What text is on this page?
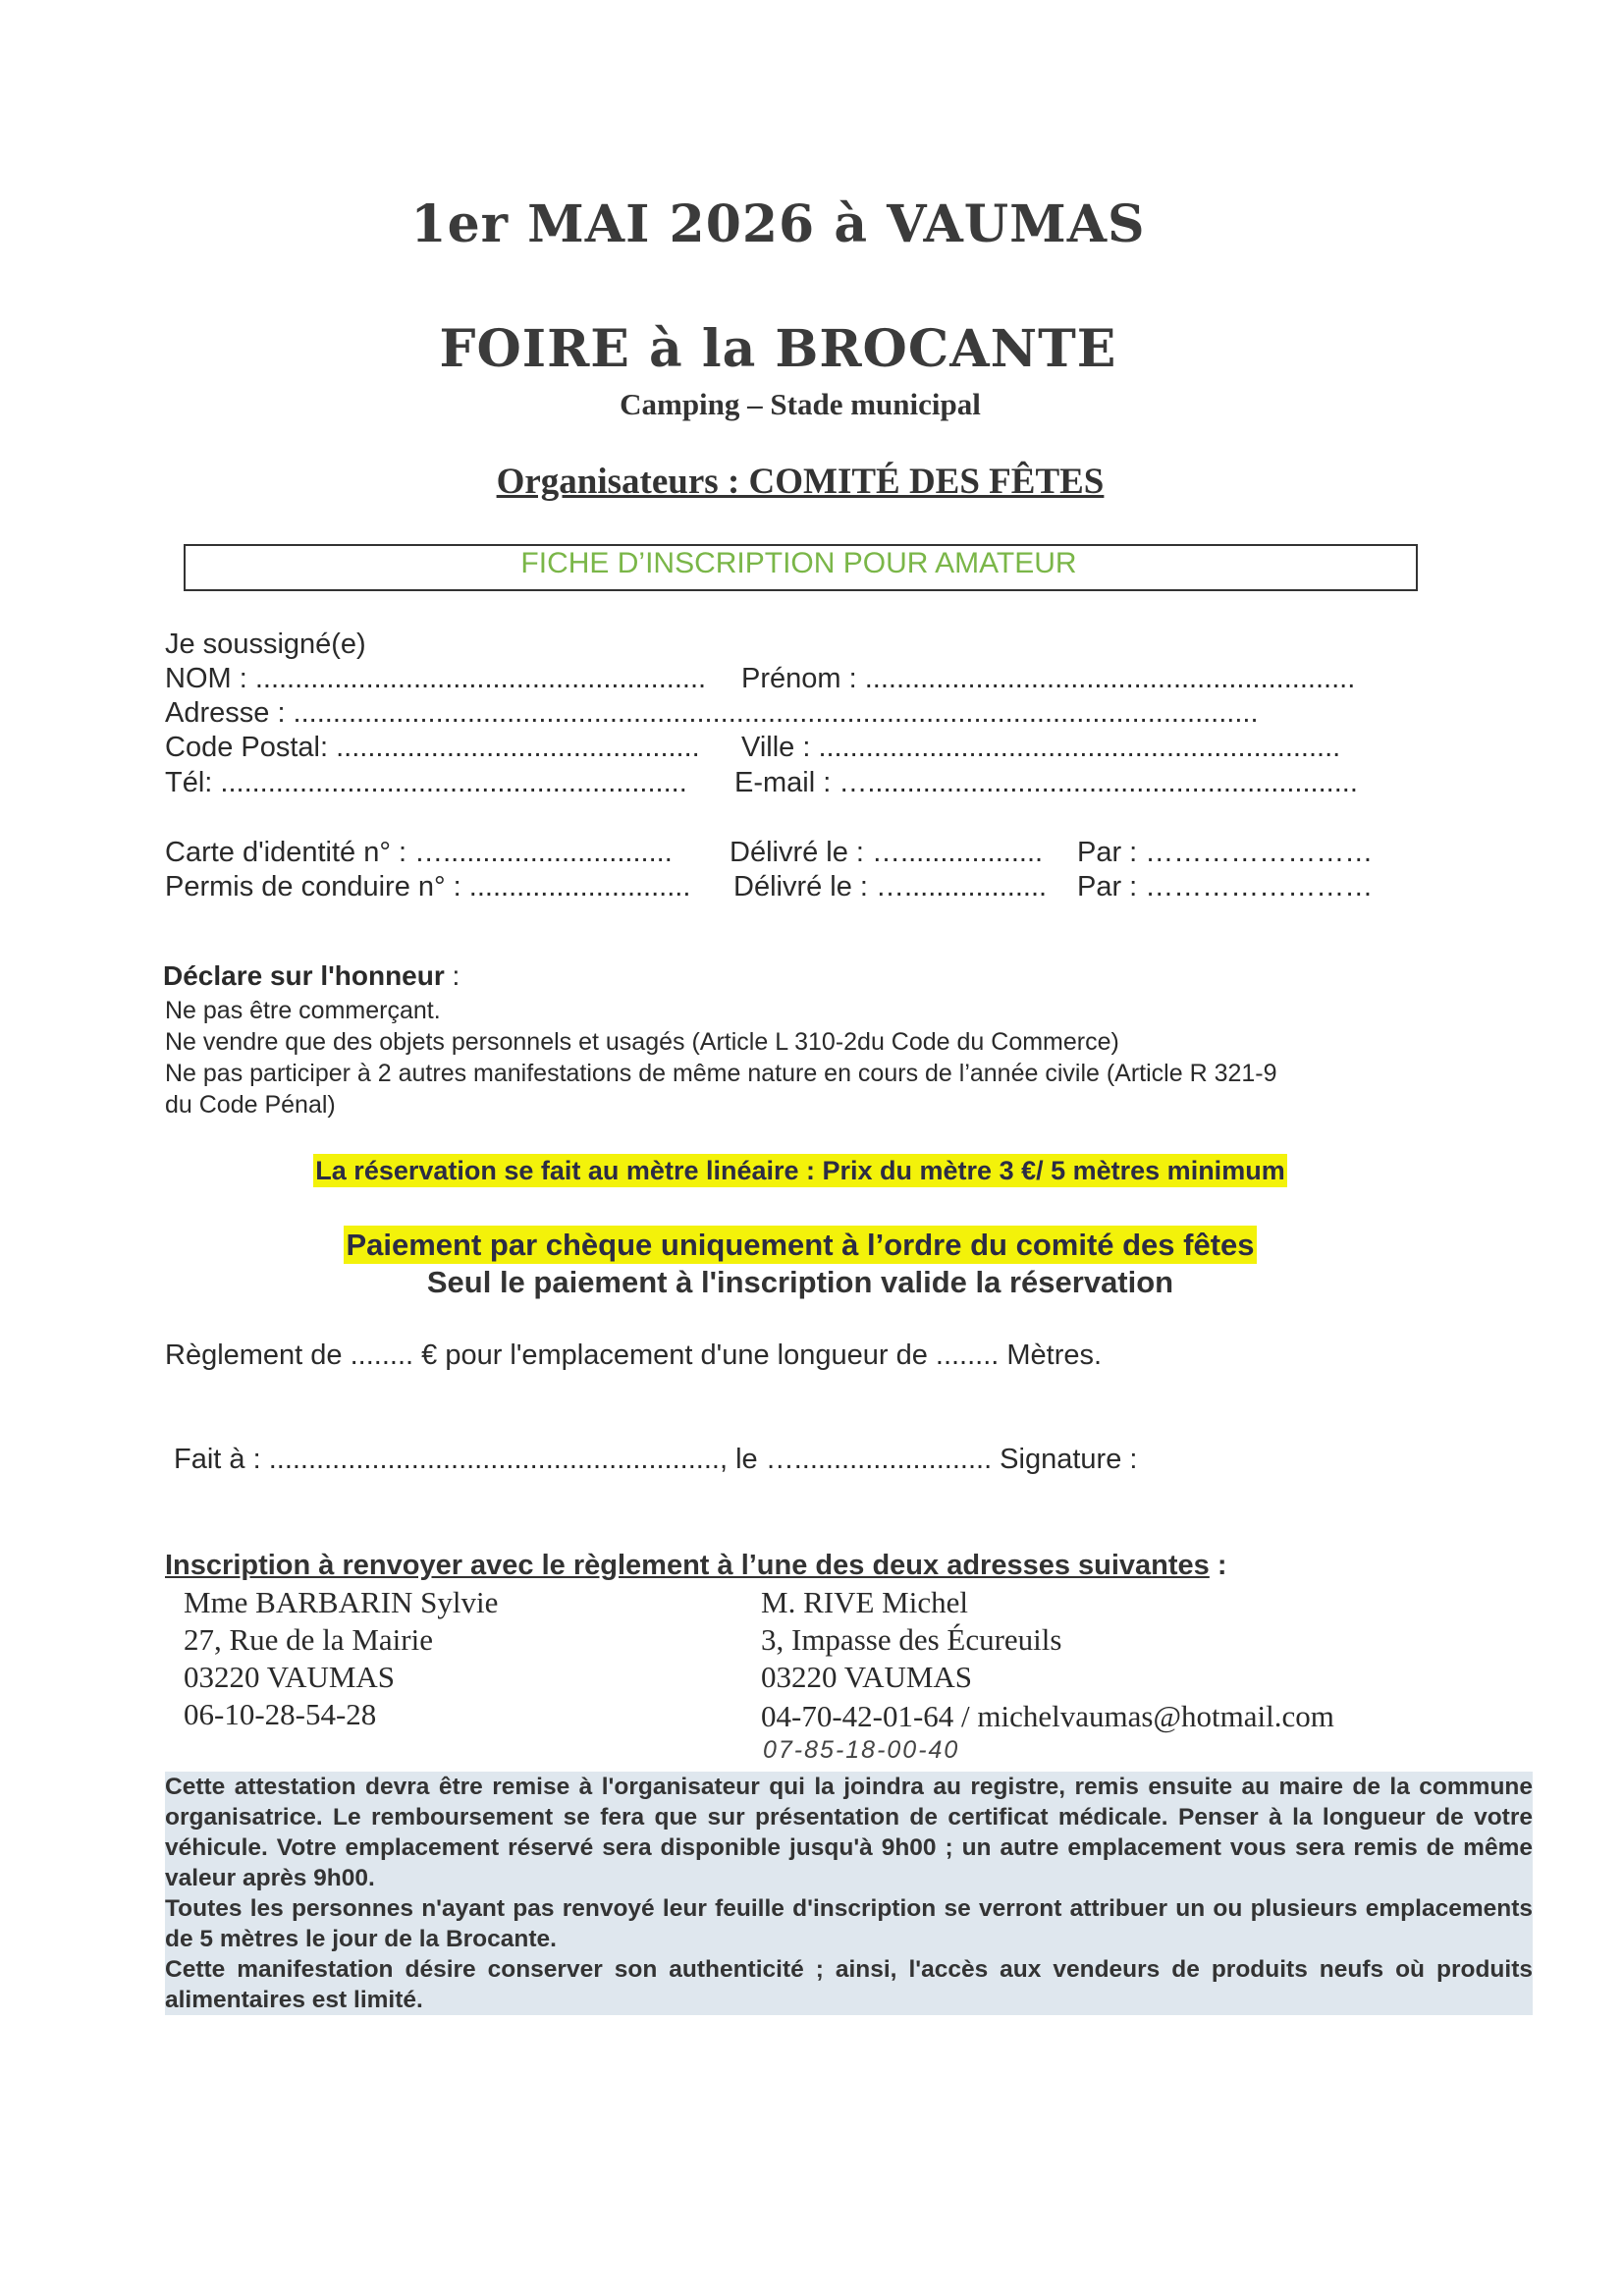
1er MAI 2026 à VAUMAS
FOIRE à la BROCANTE
Camping – Stade municipal
Organisateurs : COMITÉ DES FÊTES
FICHE D’INSCRIPTION POUR AMATEUR
Je soussigné(e)
NOM : ......................................................... Prénom : ..............................................................
Adresse : ..........................................................................................................................
Code Postal: .............................................. Ville : ..................................................................
Tél: ........................................................... E-mail : …..............................................................
Carte d'identité n° : …............................. Délivré le : ….................. Par : ……………………
Permis de conduire n° : ............................ Délivré le : ….................. Par : ……………………
Déclare sur l'honneur :
Ne pas être commerçant.
Ne vendre que des objets personnels et usagés (Article L 310-2du Code du Commerce)
Ne pas participer à 2 autres manifestations de même nature en cours de l’année civile (Article R 321-9
du Code Pénal)
La réservation se fait au mètre linéaire : Prix du mètre 3 €/ 5 mètres minimum
Paiement par chèque uniquement à l’ordre du comité des fêtes
Seul le paiement à l'inscription valide la réservation
Règlement de ........ € pour l'emplacement d'une longueur de ........ Mètres.
Fait à : ........................................................., le …......................... Signature :
Inscription à renvoyer avec le règlement à l’une des deux adresses suivantes :
Mme BARBARIN Sylvie
27, Rue de la Mairie
03220 VAUMAS
06-10-28-54-28
M. RIVE Michel
3, Impasse des Écureuils
03220 VAUMAS
04-70-42-01-64 / michelvaumas@hotmail.com
07-85-18-00-40
Cette attestation devra être remise à l'organisateur qui la joindra au registre, remis ensuite au maire de la commune organisatrice. Le remboursement se fera que sur présentation de certificat médicale. Penser à la longueur de votre véhicule. Votre emplacement réservé sera disponible jusqu'à 9h00 ; un autre emplacement vous sera remis de même valeur après 9h00.
Toutes les personnes n'ayant pas renvoyé leur feuille d'inscription se verront attribuer un ou plusieurs emplacements de 5 mètres le jour de la Brocante.
Cette manifestation désire conserver son authenticité ; ainsi, l'accès aux vendeurs de produits neufs où produits alimentaires est limité.
